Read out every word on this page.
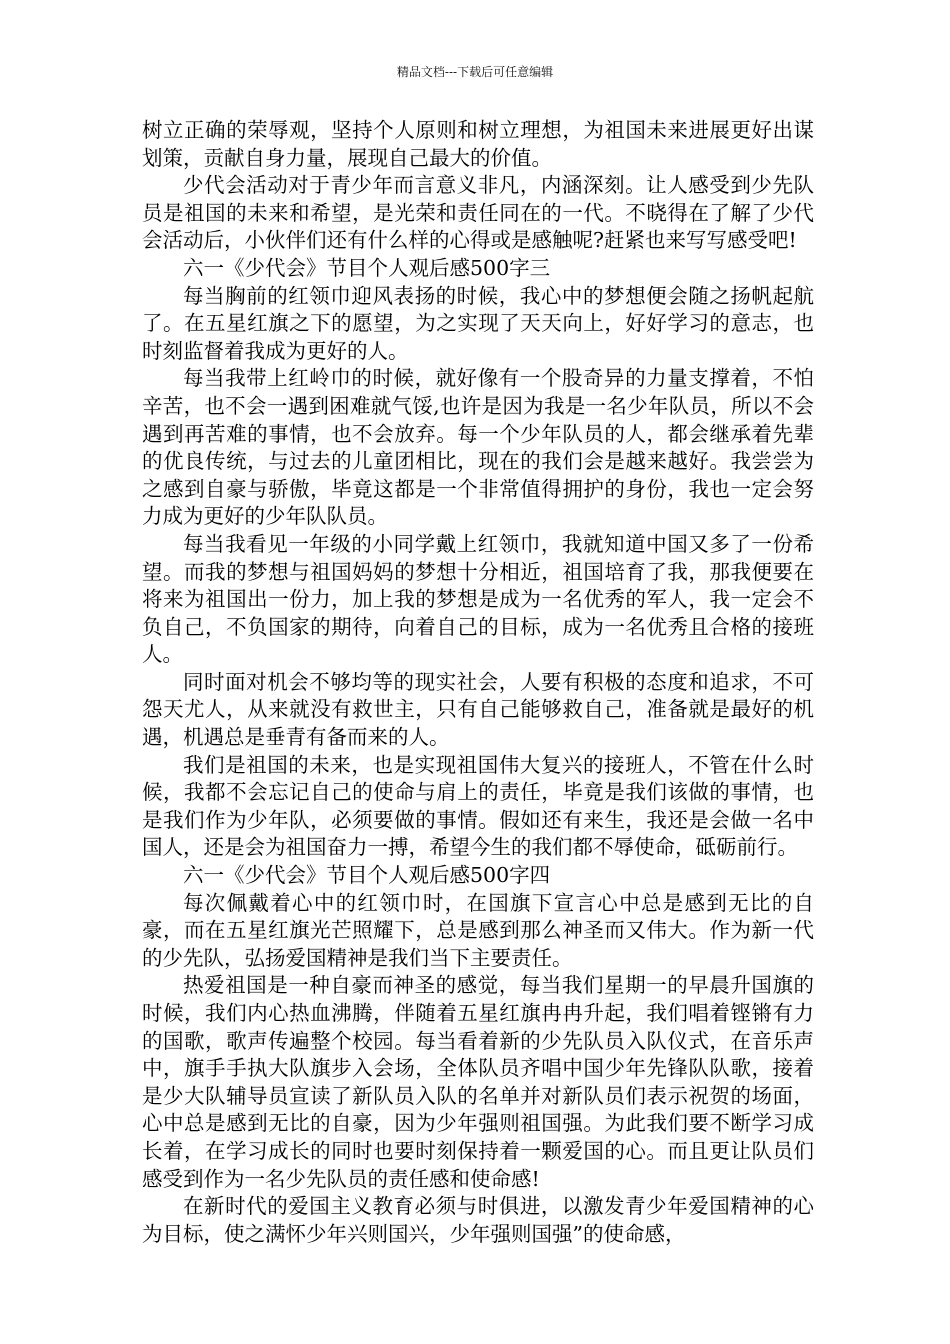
精品文档---下载后可任意编辑

树立正确的荣辱观，坚持个人原则和树立理想，为祖国未来进展更好出谋划策，贡献自身力量，展现自己最大的价值。

少代会活动对于青少年而言意义非凡，内涵深刻。让人感受到少先队员是祖国的未来和希望，是光荣和责任同在的一代。不晓得在了解了少代会活动后，小伙伴们还有什么样的心得或是感触呢?赶紧也来写写感受吧!

六一《少代会》节目个人观后感500字三

每当胸前的红领巾迎风表扬的时候，我心中的梦想便会随之扬帆起航了。在五星红旗之下的愿望，为之实现了天天向上，好好学习的意志，也时刻监督着我成为更好的人。

每当我带上红岭巾的时候，就好像有一个股奇异的力量支撑着，不怕辛苦，也不会一遇到困难就气馁,也许是因为我是一名少年队员，所以不会遇到再苦难的事情，也不会放弃。每一个少年队员的人，都会继承着先辈的优良传统，与过去的儿童团相比，现在的我们会是越来越好。我尝尝为之感到自豪与骄傲，毕竟这都是一个非常值得拥护的身份，我也一定会努力成为更好的少年队队员。

每当我看见一年级的小同学戴上红领巾，我就知道中国又多了一份希望。而我的梦想与祖国妈妈的梦想十分相近，祖国培育了我，那我便要在将来为祖国出一份力，加上我的梦想是成为一名优秀的军人，我一定会不负自己，不负国家的期待，向着自己的目标，成为一名优秀且合格的接班人。

同时面对机会不够均等的现实社会，人要有积极的态度和追求，不可怨天尤人，从来就没有救世主，只有自己能够救自己，准备就是最好的机遇，机遇总是垂青有备而来的人。

我们是祖国的未来，也是实现祖国伟大复兴的接班人，不管在什么时候，我都不会忘记自己的使命与肩上的责任，毕竟是我们该做的事情，也是我们作为少年队，必须要做的事情。假如还有来生，我还是会做一名中国人，还是会为祖国奋力一搏，希望今生的我们都不辱使命，砥砺前行。

六一《少代会》节目个人观后感500字四

每次佩戴着心中的红领巾时，在国旗下宣言心中总是感到无比的自豪，而在五星红旗光芒照耀下，总是感到那么神圣而又伟大。作为新一代的少先队，弘扬爱国精神是我们当下主要责任。

热爱祖国是一种自豪而神圣的感觉，每当我们星期一的早晨升国旗的时候，我们内心热血沸腾，伴随着五星红旗冉冉升起，我们唱着铿锵有力的国歌，歌声传遍整个校园。每当看着新的少先队员入队仪式，在音乐声中，旗手手执大队旗步入会场，全体队员齐唱中国少年先锋队队歌，接着是少大队辅导员宣读了新队员入队的名单并对新队员们表示祝贺的场面，心中总是感到无比的自豪，因为少年强则祖国强。为此我们要不断学习成长着，在学习成长的同时也要时刻保持着一颗爱国的心。而且更让队员们感受到作为一名少先队员的责任感和使命感!

在新时代的爱国主义教育必须与时俱进，以激发青少年爱国精神的心为目标，使之满怀少年兴则国兴，少年强则国强”的使命感，
